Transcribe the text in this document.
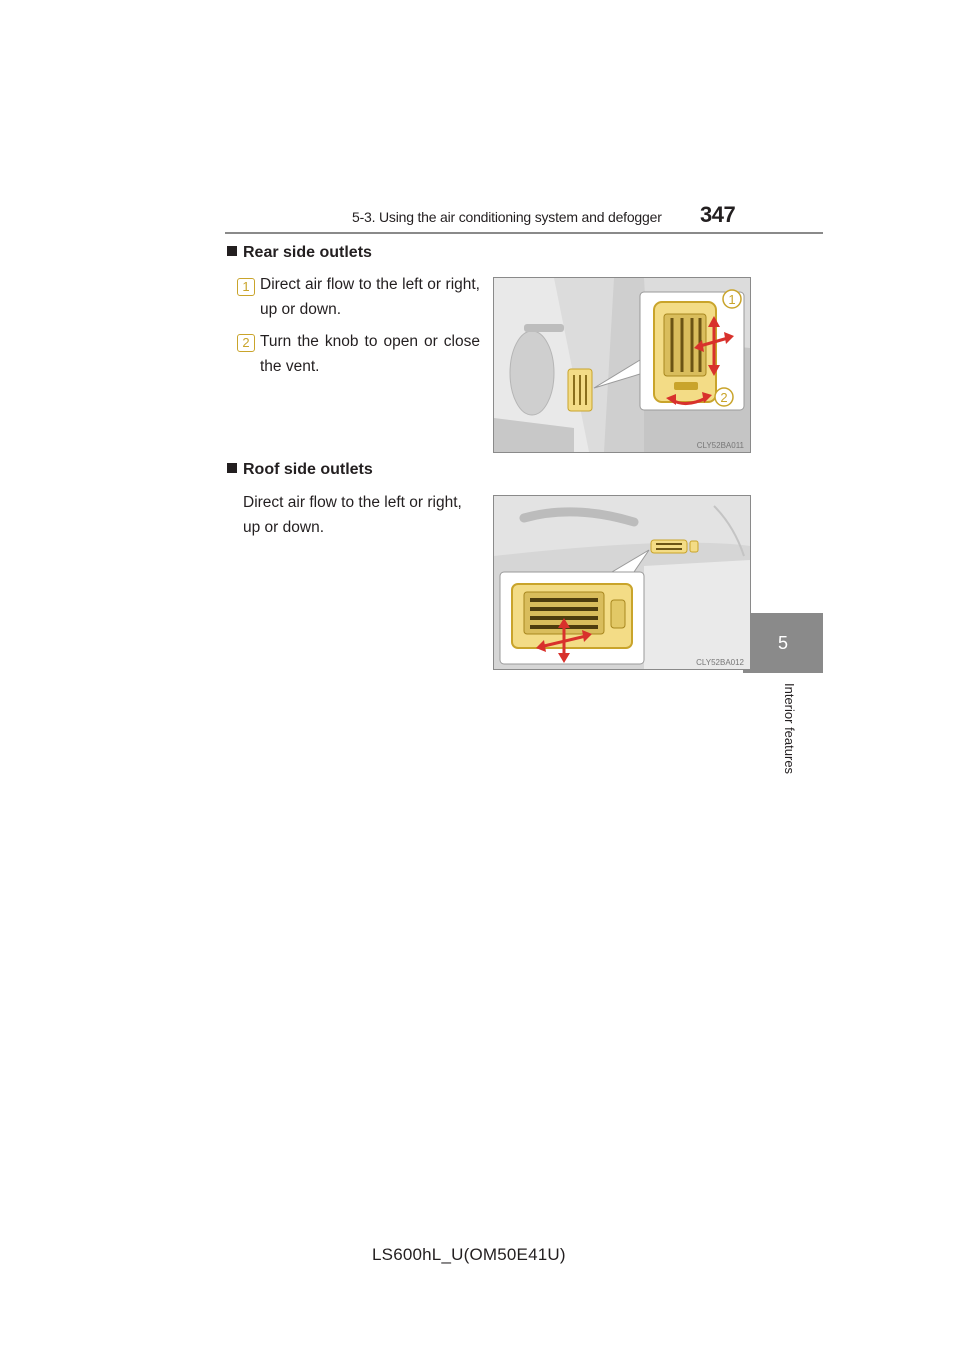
5-3. Using the air conditioning system and defogger	347
5
Interior features
Rear side outlets
1 Direct air flow to the left or right, up or down.
2 Turn the knob to open or close the vent.
1
2
CLY52BA011
Roof side outlets
Direct air flow to the left or right, up or down.
CLY52BA012
LS600hL_U(OM50E41U)
